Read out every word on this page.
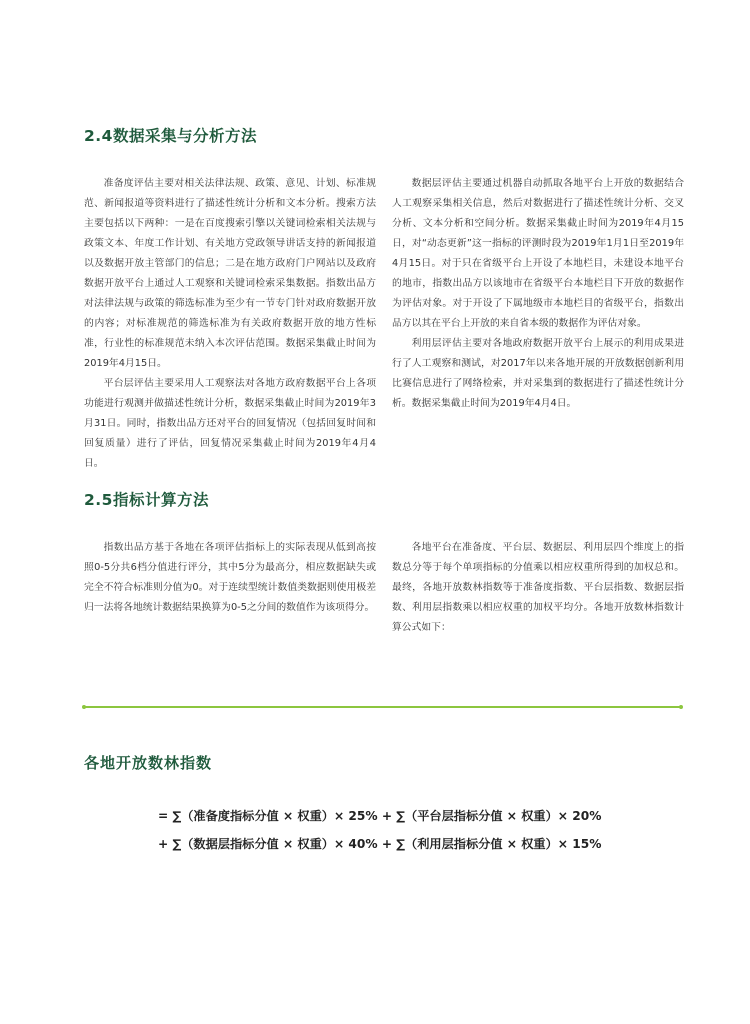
2.4数据采集与分析方法

准备度评估主要对相关法律法规、政策、意见、计划、标准规范、新闻报道等资料进行了描述性统计分析和文本分析。搜索方法主要包括以下两种：一是在百度搜索引擎以关键词检索相关法规与政策文本、年度工作计划、有关地方党政领导讲话支持的新闻报道以及数据开放主管部门的信息；二是在地方政府门户网站以及政府数据开放平台上通过人工观察和关键词检索采集数据。指数出品方对法律法规与政策的筛选标准为至少有一节专门针对政府数据开放的内容；对标准规范的筛选标准为有关政府数据开放的地方性标准，行业性的标准规范未纳入本次评估范围。数据采集截止时间为2019年4月15日。

平台层评估主要采用人工观察法对各地方政府数据平台上各项功能进行观测并做描述性统计分析，数据采集截止时间为2019年3月31日。同时，指数出品方还对平台的回复情况（包括回复时间和回复质量）进行了评估，回复情况采集截止时间为2019年4月4日。

数据层评估主要通过机器自动抓取各地平台上开放的数据结合人工观察采集相关信息，然后对数据进行了描述性统计分析、交叉分析、文本分析和空间分析。数据采集截止时间为2019年4月15日，对“动态更新”这一指标的评测时段为2019年1月1日至2019年4月15日。对于只在省级平台上开设了本地栏目，未建设本地平台的地市，指数出品方以该地市在省级平台本地栏目下开放的数据作为评估对象。对于开设了下属地级市本地栏目的省级平台，指数出品方以其在平台上开放的来自省本级的数据作为评估对象。

利用层评估主要对各地政府数据开放平台上展示的利用成果进行了人工观察和测试，对2017年以来各地开展的开放数据创新利用比赛信息进行了网络检索，并对采集到的数据进行了描述性统计分析。数据采集截止时间为2019年4月4日。

2.5指标计算方法

指数出品方基于各地在各项评估指标上的实际表现从低到高按照0-5分共6档分值进行评分，其中5分为最高分，相应数据缺失或完全不符合标准则分值为0。对于连续型统计数值类数据则使用极差归一法将各地统计数据结果换算为0-5之分间的数值作为该项得分。

各地平台在准备度、平台层、数据层、利用层四个维度上的指数总分等于每个单项指标的分值乘以相应权重所得到的加权总和。最终，各地开放数林指数等于准备度指数、平台层指数、数据层指数、利用层指数乘以相应权重的加权平均分。各地开放数林指数计算公式如下：

各地开放数林指数
= ∑（准备度指标分值 × 权重）× 25% + ∑（平台层指标分值 × 权重）× 20%
+ ∑（数据层指标分值 × 权重）× 40% + ∑（利用层指标分值 × 权重）× 15%
